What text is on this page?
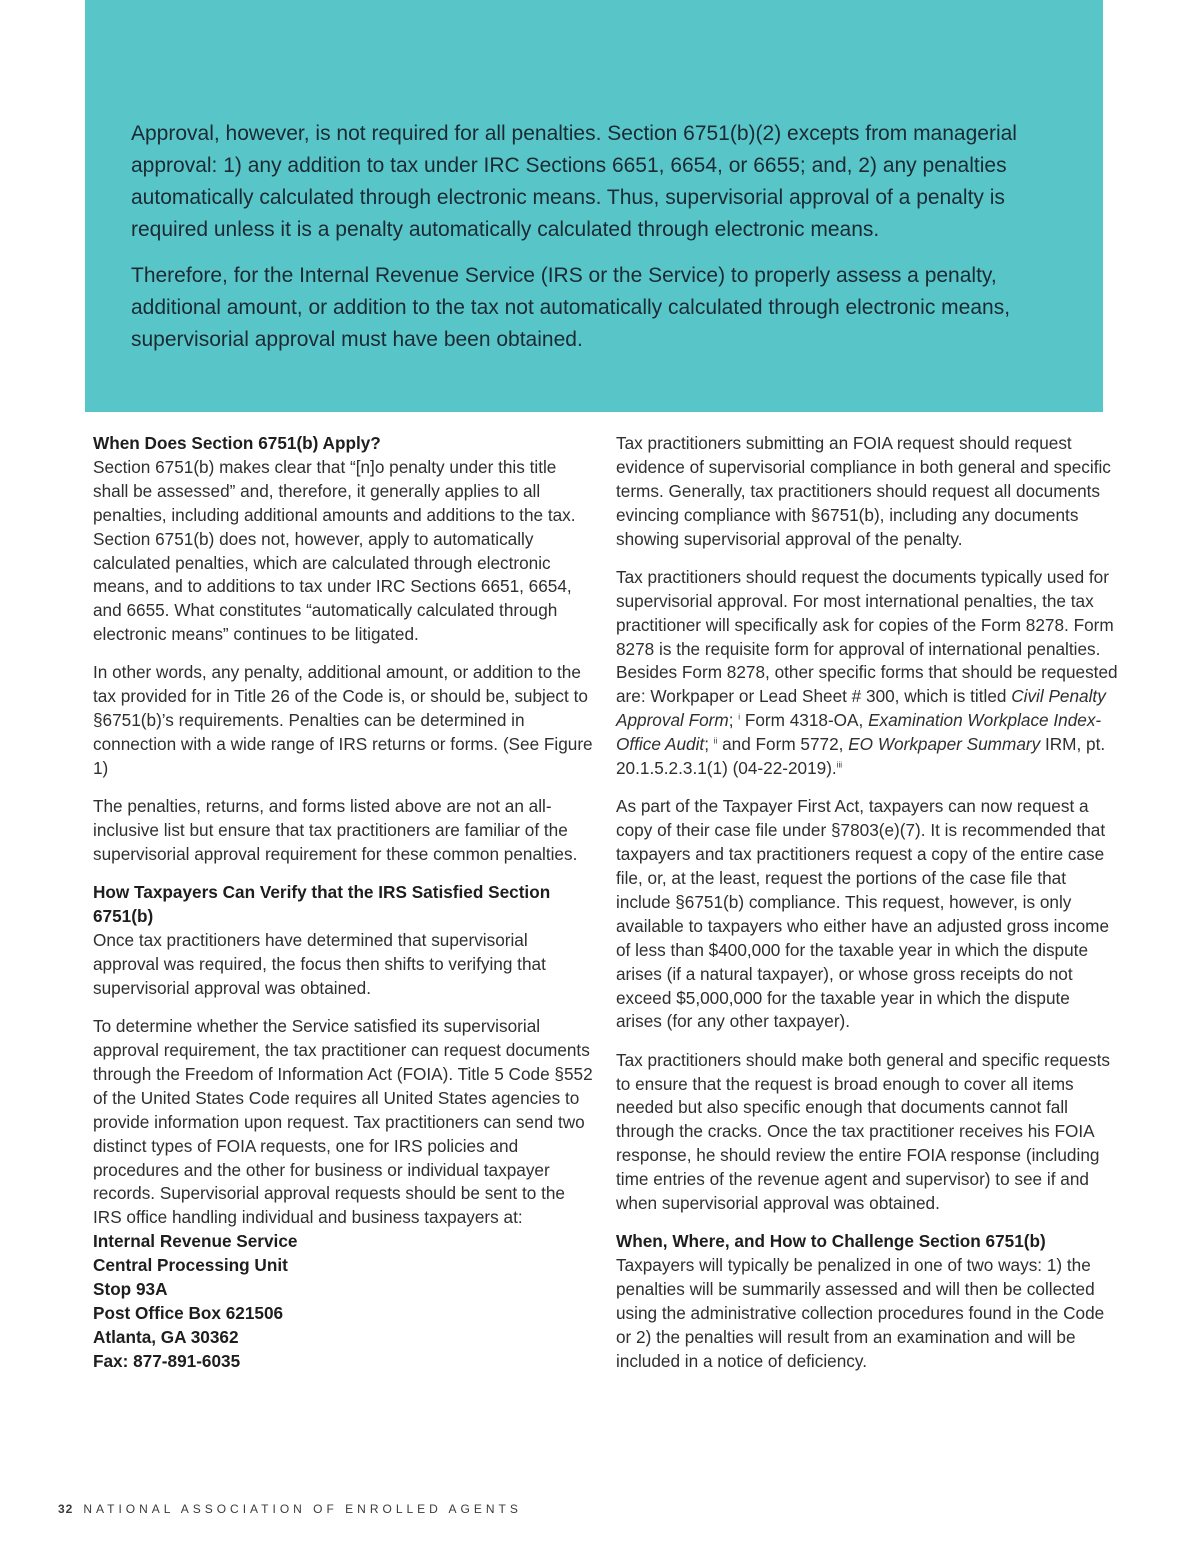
Approval, however, is not required for all penalties. Section 6751(b)(2) excepts from managerial approval: 1) any addition to tax under IRC Sections 6651, 6654, or 6655; and, 2) any penalties automatically calculated through electronic means. Thus, supervisorial approval of a penalty is required unless it is a penalty automatically calculated through electronic means.

Therefore, for the Internal Revenue Service (IRS or the Service) to properly assess a penalty, additional amount, or addition to the tax not automatically calculated through electronic means, supervisorial approval must have been obtained.

When Does Section 6751(b) Apply?

Section 6751(b) makes clear that “[n]o penalty under this title shall be assessed” and, therefore, it generally applies to all penalties, including additional amounts and additions to the tax. Section 6751(b) does not, however, apply to automatically calculated penalties, which are calculated through electronic means, and to additions to tax under IRC Sections 6651, 6654, and 6655. What constitutes “automatically calculated through electronic means” continues to be litigated.

In other words, any penalty, additional amount, or addition to the tax provided for in Title 26 of the Code is, or should be, subject to §6751(b)’s requirements. Penalties can be determined in connection with a wide range of IRS returns or forms. (See Figure 1)

The penalties, returns, and forms listed above are not an all-inclusive list but ensure that tax practitioners are familiar of the supervisorial approval requirement for these common penalties.

How Taxpayers Can Verify that the IRS Satisfied Section 6751(b)

Once tax practitioners have determined that supervisorial approval was required, the focus then shifts to verifying that supervisorial approval was obtained.

To determine whether the Service satisfied its supervisorial approval requirement, the tax practitioner can request documents through the Freedom of Information Act (FOIA). Title 5 Code §552 of the United States Code requires all United States agencies to provide information upon request. Tax practitioners can send two distinct types of FOIA requests, one for IRS policies and procedures and the other for business or individual taxpayer records. Supervisorial approval requests should be sent to the IRS office handling individual and business taxpayers at:

Internal Revenue Service
Central Processing Unit
Stop 93A
Post Office Box 621506
Atlanta, GA 30362
Fax: 877-891-6035

Tax practitioners submitting an FOIA request should request evidence of supervisorial compliance in both general and specific terms. Generally, tax practitioners should request all documents evincing compliance with §6751(b), including any documents showing supervisorial approval of the penalty.

Tax practitioners should request the documents typically used for supervisorial approval. For most international penalties, the tax practitioner will specifically ask for copies of the Form 8278. Form 8278 is the requisite form for approval of international penalties. Besides Form 8278, other specific forms that should be requested are: Workpaper or Lead Sheet # 300, which is titled Civil Penalty Approval Form; $^i$ Form 4318-OA, Examination Workplace Index-Office Audit; $^{ii}$ and Form 5772, EO Workpaper Summary IRM, pt. 20.1.5.2.3.1(1) (04-22-2019).$^{iii}$

As part of the Taxpayer First Act, taxpayers can now request a copy of their case file under §7803(e)(7). It is recommended that taxpayers and tax practitioners request a copy of the entire case file, or, at the least, request the portions of the case file that include §6751(b) compliance. This request, however, is only available to taxpayers who either have an adjusted gross income of less than $400,000 for the taxable year in which the dispute arises (if a natural taxpayer), or whose gross receipts do not exceed $5,000,000 for the taxable year in which the dispute arises (for any other taxpayer).

Tax practitioners should make both general and specific requests to ensure that the request is broad enough to cover all items needed but also specific enough that documents cannot fall through the cracks. Once the tax practitioner receives his FOIA response, he should review the entire FOIA response (including time entries of the revenue agent and supervisor) to see if and when supervisorial approval was obtained.

When, Where, and How to Challenge Section 6751(b)

Taxpayers will typically be penalized in one of two ways: 1) the penalties will be summarily assessed and will then be collected using the administrative collection procedures found in the Code or 2) the penalties will result from an examination and will be included in a notice of deficiency.

32 NATIONAL ASSOCIATION OF ENROLLED AGENTS
